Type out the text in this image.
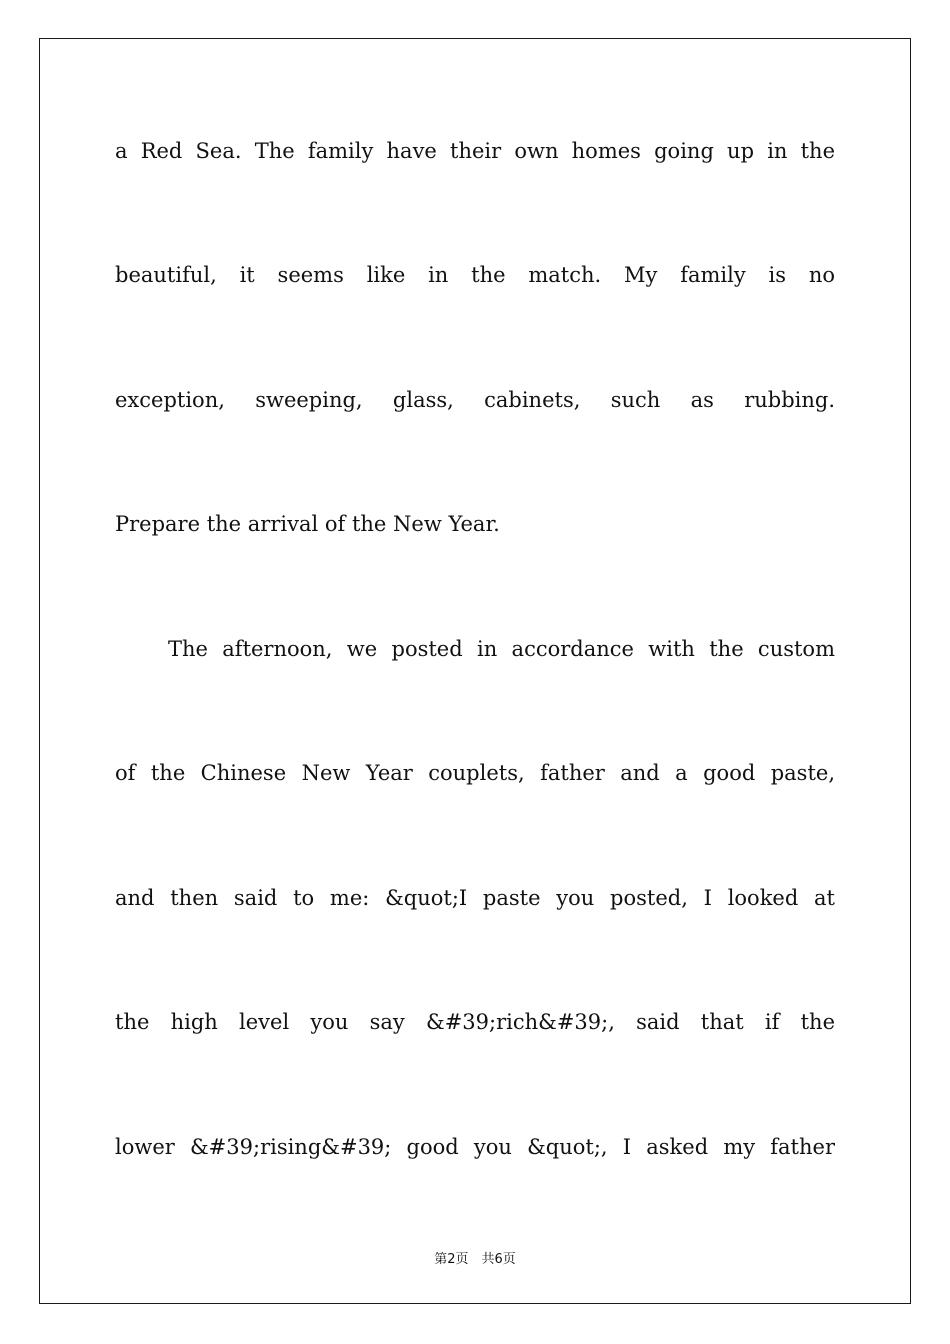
a Red Sea. The family have their own homes going up in the
beautiful, it seems like in the match. My family is no
exception, sweeping, glass, cabinets, such as rubbing.
Prepare the arrival of the New Year.
The afternoon, we posted in accordance with the custom
of the Chinese New Year couplets, father and a good paste,
and then said to me: &quot;I paste you posted, I looked at
the high level you say &#39;rich&#39;, said that if the
lower &#39;rising&#39; good you &quot;, I asked my father
第2页　共6页
